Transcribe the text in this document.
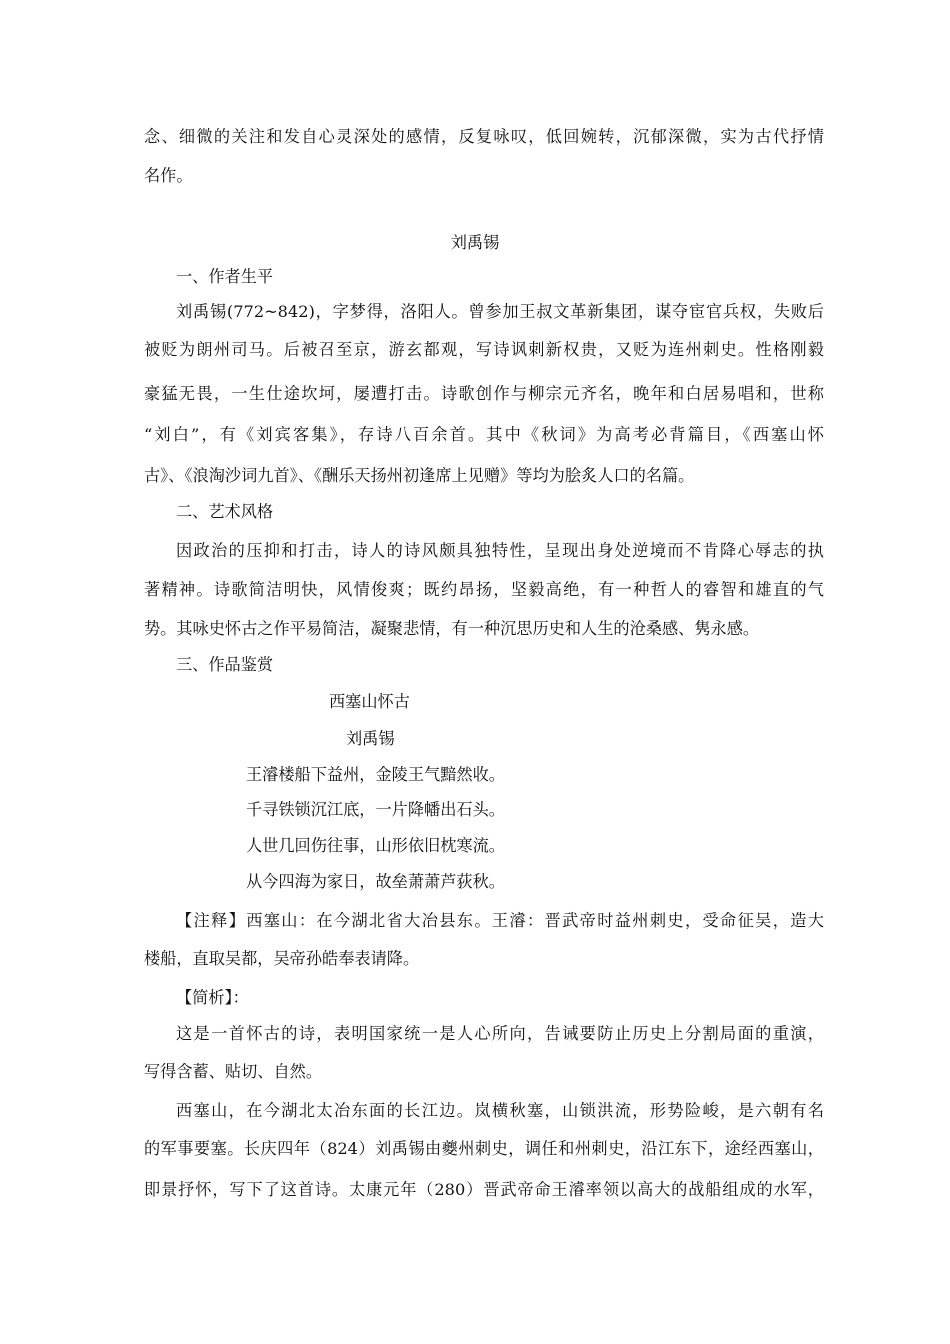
念、细微的关注和发自心灵深处的感情，反复咏叹，低回婉转，沉郁深微，实为古代抒情
名作。
刘禹锡
一、作者生平
刘禹锡(772~842)，字梦得，洛阳人。曾参加王叔文革新集团，谋夺宦官兵权，失败后
被贬为朗州司马。后被召至京，游玄都观，写诗讽刺新权贵，又贬为连州刺史。性格刚毅
豪猛无畏，一生仕途坎坷，屡遭打击。诗歌创作与柳宗元齐名，晚年和白居易唱和，世称
“刘白”，有《刘宾客集》，存诗八百余首。其中《秋词》为高考必背篇目，《西塞山怀
古》、《浪淘沙词九首》、《酬乐天扬州初逢席上见赠》等均为脍炙人口的名篇。
二、艺术风格
因政治的压抑和打击，诗人的诗风颇具独特性，呈现出身处逆境而不肯降心辱志的执
著精神。诗歌简洁明快，风情俊爽；既约昂扬，坚毅高绝，有一种哲人的睿智和雄直的气
势。其咏史怀古之作平易简洁，凝聚悲情，有一种沉思历史和人生的沧桑感、隽永感。
三、作品鉴赏
西塞山怀古
刘禹锡
王濬楼船下益州，金陵王气黯然收。
千寻铁锁沉江底，一片降幡出石头。
人世几回伤往事，山形依旧枕寒流。
从今四海为家日，故垒萧萧芦荻秋。
【注释】西塞山：在今湖北省大冶县东。王濬：晋武帝时益州刺史，受命征吴，造大
楼船，直取吴都，吴帝孙皓奉表请降。
【简析】：
这是一首怀古的诗，表明国家统一是人心所向，告诫要防止历史上分割局面的重演，
写得含蓄、贴切、自然。
西塞山，在今湖北太冶东面的长江边。岚横秋塞，山锁洪流，形势险峻，是六朝有名
的军事要塞。长庆四年（824）刘禹锡由夔州刺史，调任和州刺史，沿江东下，途经西塞山，
即景抒怀，写下了这首诗。太康元年（280）晋武帝命王濬率领以高大的战船组成的水军，
